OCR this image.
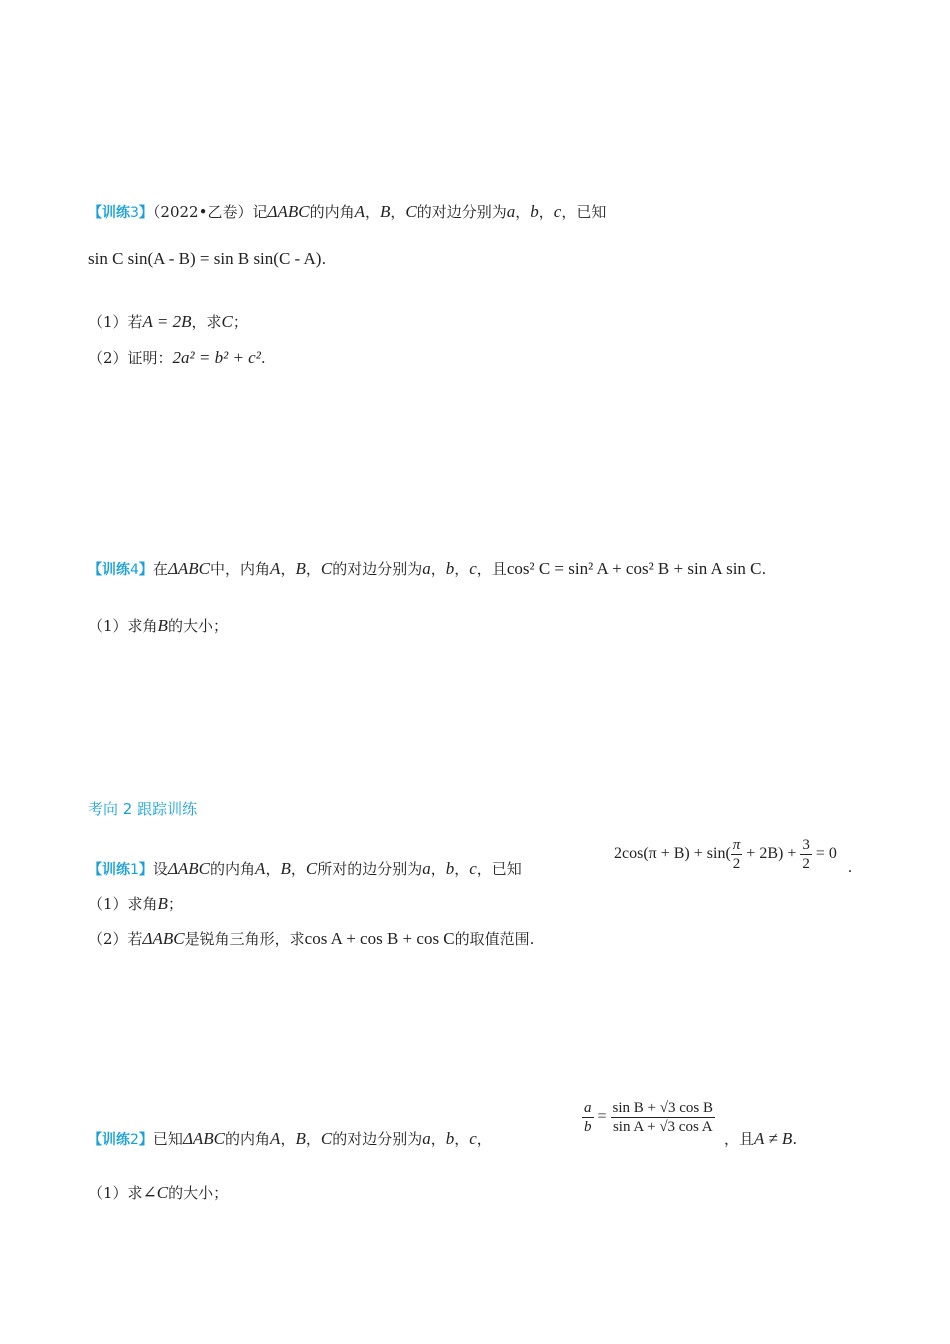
【训练3】（2022•乙卷）记ΔABC的内角A，B，C的对边分别为a，b，c，已知
sin C sin(A - B) = sin B sin(C - A).
（1）若A = 2B，求C；
（2）证明：2a² = b² + c².
【训练4】在ΔABC中，内角A，B，C的对边分别为a，b，c，且cos² C = sin² A + cos² B + sin A sin C.
（1）求角B的大小；
考向 2 跟踪训练
$2\cos(\pi + B) + \sin( \frac{\pi}{2} + 2B) + \frac{3}{2} = 0$
【训练1】设ΔABC的内角A，B，C所对的边分别为a，b，c，已知	.
（1）求角B；
（2）若ΔABC是锐角三角形，求cos A + cos B + cos C的取值范围.
$\frac{a}{b} = \frac{\text{sin B + √3 cos B}}{\text{sin A + √3 cos A}}$
【训练2】已知ΔABC的内角A，B，C的对边分别为a，b，c，	，且A ≠ B.
（1）求∠C的大小；
